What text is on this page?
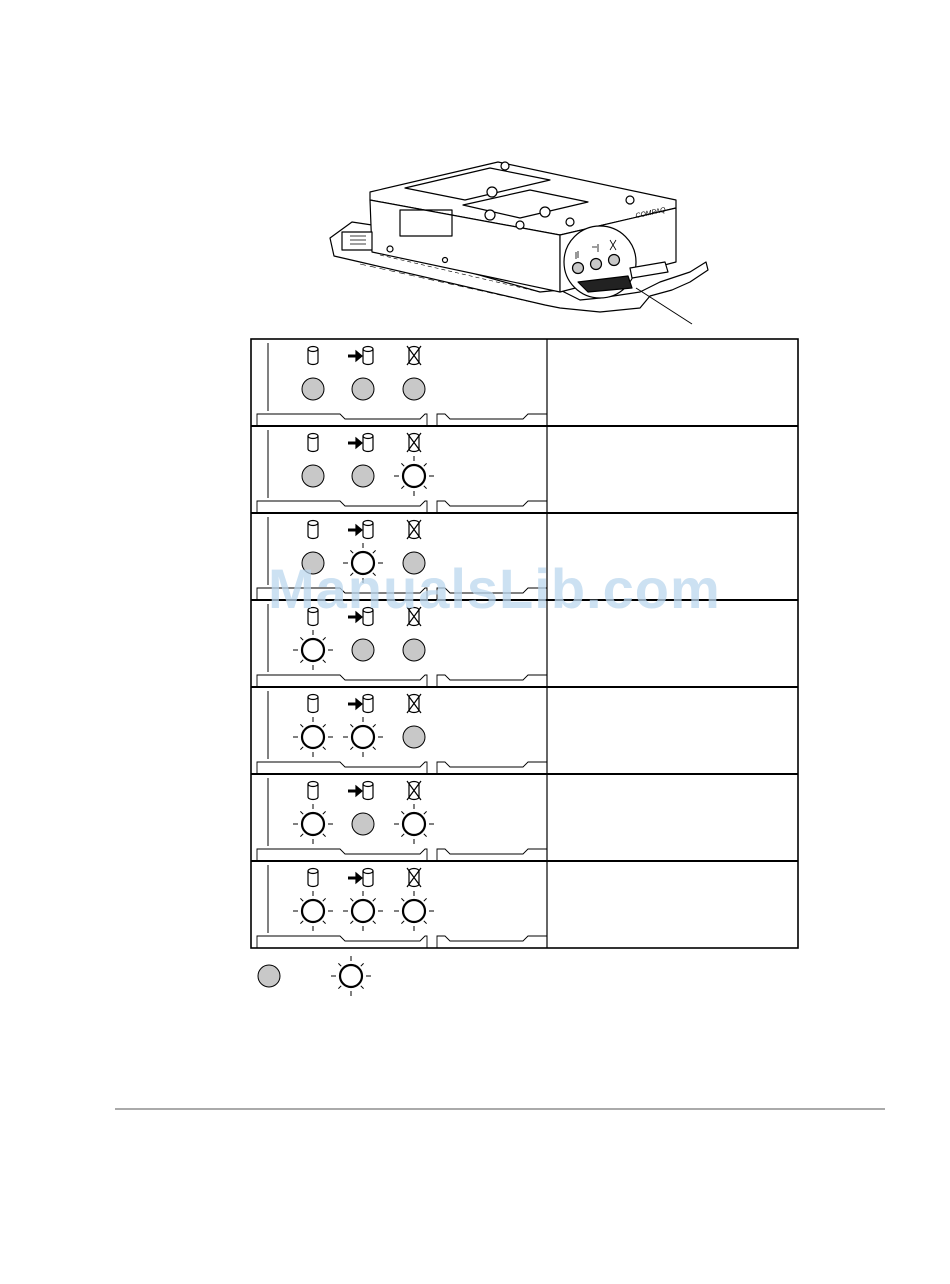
COMPAQ
ManualsLib.com
